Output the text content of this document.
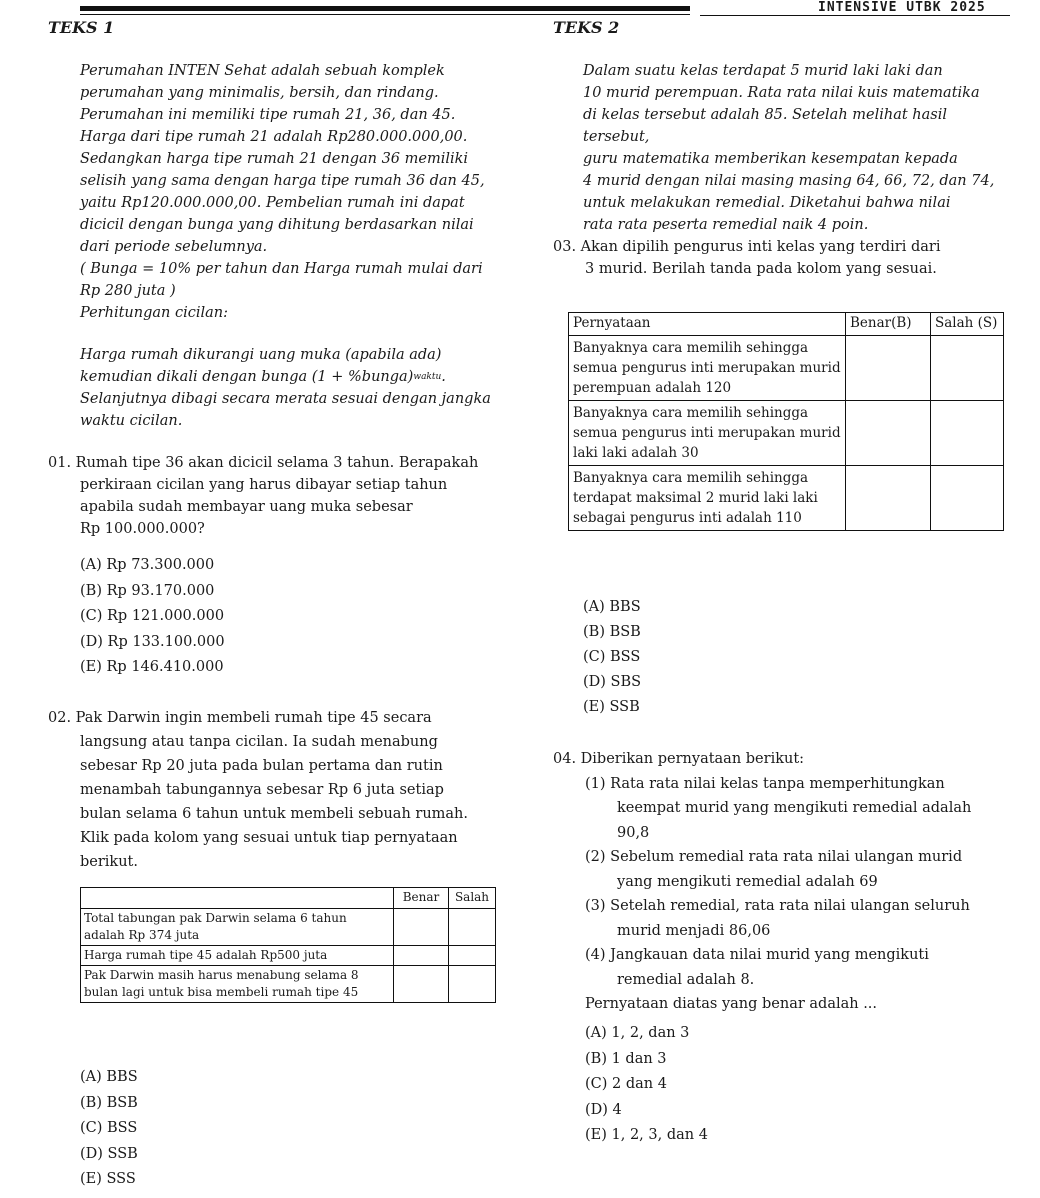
INTENSIVE UTBK 2025
TEKS 1	TEKS 2

Perumahan INTEN Sehat adalah sebuah komplek

perumahan yang minimalis, bersih, dan rindang.

Perumahan ini memiliki tipe rumah 21, 36, dan 45.

Harga dari tipe rumah 21 adalah Rp280.000.000,00.

Sedangkan harga tipe rumah 21 dengan 36 memiliki

selisih yang sama dengan harga tipe rumah 36 dan 45,

yaitu Rp120.000.000,00. Pembelian rumah ini dapat

dicicil dengan bunga yang dihitung berdasarkan nilai

dari periode sebelumnya.

( Bunga = 10% per tahun dan Harga rumah mulai dari

Rp 280 juta )

Perhitungan cicilan:

Harga rumah dikurangi uang muka (apabila ada)

kemudian dikali dengan bunga (1 + %bunga)$^{waktu}$.

Selanjutnya dibagi secara merata sesuai dengan jangka

waktu cicilan.

01. Rumah tipe 36 akan dicicil selama 3 tahun. Berapakah

perkiraan cicilan yang harus dibayar setiap tahun

apabila sudah membayar uang muka sebesar

Rp 100.000.000?

(A) Rp 73.300.000

(B) Rp 93.170.000

(C) Rp 121.000.000

(D) Rp 133.100.000

(E) Rp 146.410.000

02. Pak Darwin ingin membeli rumah tipe 45 secara

langsung atau tanpa cicilan. Ia sudah menabung

sebesar Rp 20 juta pada bulan pertama dan rutin

menambah tabungannya sebesar Rp 6 juta setiap

bulan selama 6 tahun untuk membeli sebuah rumah.

Klik pada kolom yang sesuai untuk tiap pernyataan

berikut.

	Benar	Salah
Total tabungan pak Darwin selama 6 tahun adalah Rp 374 juta		
Harga rumah tipe 45 adalah Rp500 juta		
Pak Darwin masih harus menabung selama 8 bulan lagi untuk bisa membeli rumah tipe 45		

(A) BBS

(B) BSB

(C) BSS

(D) SSB

(E) SSS

Dalam suatu kelas terdapat 5 murid laki laki dan

10 murid perempuan. Rata rata nilai kuis matematika

di kelas tersebut adalah 85. Setelah melihat hasil tersebut,

guru matematika memberikan kesempatan kepada

4 murid dengan nilai masing masing 64, 66, 72, dan 74,

untuk melakukan remedial. Diketahui bahwa nilai

rata rata peserta remedial naik 4 poin.

03. Akan dipilih pengurus inti kelas yang terdiri dari

3 murid. Berilah tanda pada kolom yang sesuai.

Pernyataan	Benar(B)	Salah (S)
Banyaknya cara memilih sehingga semua pengurus inti merupakan murid perempuan adalah 120		
Banyaknya cara memilih sehingga semua pengurus inti merupakan murid laki laki adalah 30		
Banyaknya cara memilih sehingga terdapat maksimal 2 murid laki laki sebagai pengurus inti adalah 110		

(A) BBS

(B) BSB

(C) BSS

(D) SBS

(E) SSB

04. Diberikan pernyataan berikut:

(1) Rata rata nilai kelas tanpa memperhitungkan

keempat murid yang mengikuti remedial adalah

90,8

(2) Sebelum remedial rata rata nilai ulangan murid

yang mengikuti remedial adalah 69

(3) Setelah remedial, rata rata nilai ulangan seluruh

murid menjadi 86,06

(4) Jangkauan data nilai murid yang mengikuti

remedial adalah 8.

Pernyataan diatas yang benar adalah ...

(A) 1, 2, dan 3

(B) 1 dan 3

(C) 2 dan 4

(D) 4

(E) 1, 2, 3, dan 4
